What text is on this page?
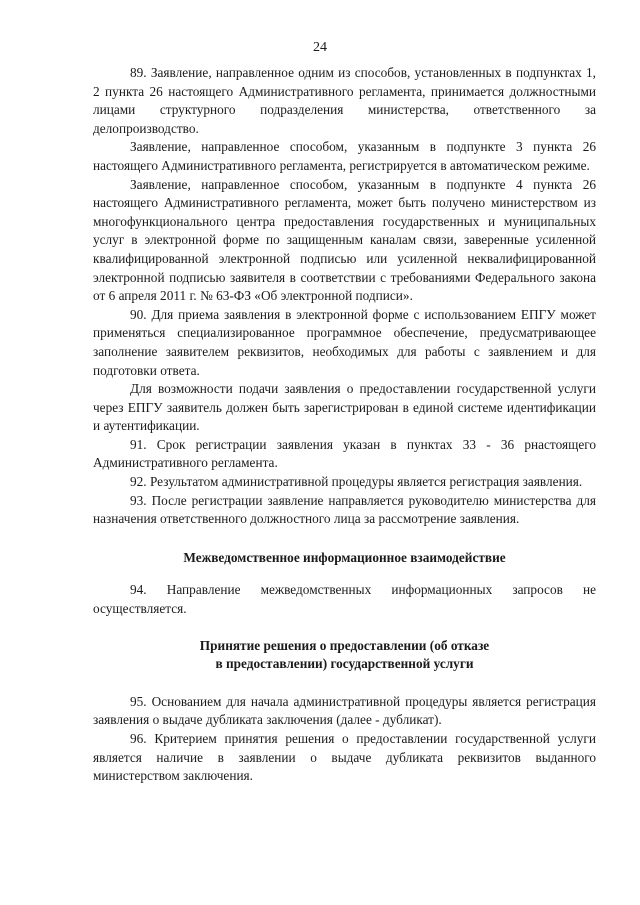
24

89. Заявление, направленное одним из способов, установленных в подпунктах 1, 2 пункта 26 настоящего Административного регламента, принимается должностными лицами структурного подразделения министерства, ответственного за делопроизводство.

Заявление, направленное способом, указанным в подпункте 3 пункта 26 настоящего Административного регламента, регистрируется в автоматическом режиме.

Заявление, направленное способом, указанным в подпункте 4 пункта 26 настоящего Административного регламента, может быть получено министерством из многофункционального центра предоставления государственных и муниципальных услуг в электронной форме по защищенным каналам связи, заверенные усиленной квалифицированной электронной подписью или усиленной неквалифицированной электронной подписью заявителя в соответствии с требованиями Федерального закона от 6 апреля 2011 г. № 63-ФЗ «Об электронной подписи».

90. Для приема заявления в электронной форме с использованием ЕПГУ может применяться специализированное программное обеспечение, предусматривающее заполнение заявителем реквизитов, необходимых для работы с заявлением и для подготовки ответа.

Для возможности подачи заявления о предоставлении государственной услуги через ЕПГУ заявитель должен быть зарегистрирован в единой системе идентификации и аутентификации.

91. Срок регистрации заявления указан в пунктах 33 - 36 рнастоящего Административного регламента.

92. Результатом административной процедуры является регистрация заявления.

93. После регистрации заявление направляется руководителю министерства для назначения ответственного должностного лица за рассмотрение заявления.

Межведомственное информационное взаимодействие

94. Направление межведомственных информационных запросов не осуществляется.

Принятие решения о предоставлении (об отказе

в предоставлении) государственной услуги

95. Основанием для начала административной процедуры является регистрация заявления о выдаче дубликата заключения (далее - дубликат).

96. Критерием принятия решения о предоставлении государственной услуги является наличие в заявлении о выдаче дубликата реквизитов выданного министерством заключения.
